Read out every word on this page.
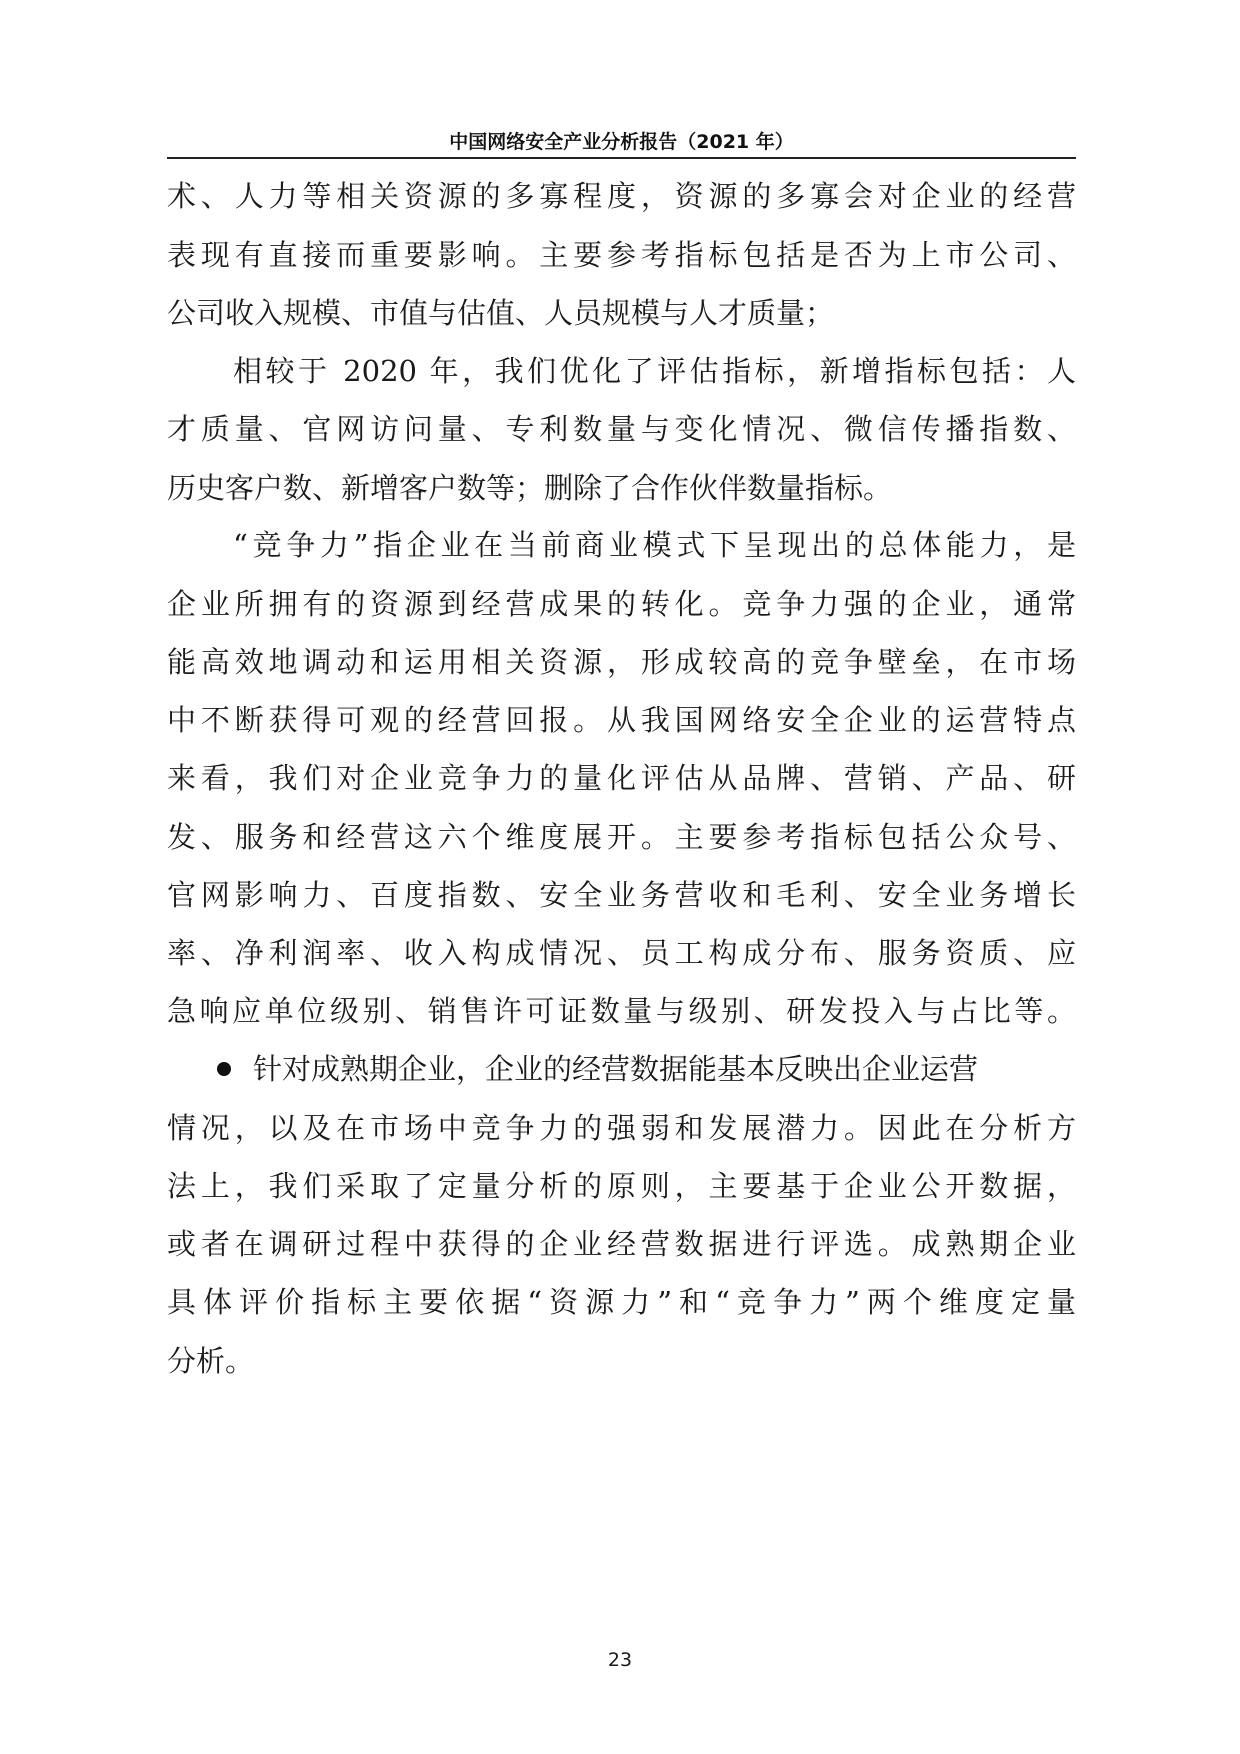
中国网络安全产业分析报告（2021 年）
术、人力等相关资源的多寡程度，资源的多寡会对企业的经营
表现有直接而重要影响。主要参考指标包括是否为上市公司、
公司收入规模、市值与估值、人员规模与人才质量；
相较于 2020 年，我们优化了评估指标，新增指标包括：人
才质量、官网访问量、专利数量与变化情况、微信传播指数、
历史客户数、新增客户数等；删除了合作伙伴数量指标。
“竞争力”指企业在当前商业模式下呈现出的总体能力，是
企业所拥有的资源到经营成果的转化。竞争力强的企业，通常
能高效地调动和运用相关资源，形成较高的竞争壁垒，在市场
中不断获得可观的经营回报。从我国网络安全企业的运营特点
来看，我们对企业竞争力的量化评估从品牌、营销、产品、研
发、服务和经营这六个维度展开。主要参考指标包括公众号、
官网影响力、百度指数、安全业务营收和毛利、安全业务增长
率、净利润率、收入构成情况、员工构成分布、服务资质、应
急响应单位级别、销售许可证数量与级别、研发投入与占比等。
针对成熟期企业，企业的经营数据能基本反映出企业运营
情况，以及在市场中竞争力的强弱和发展潜力。因此在分析方
法上，我们采取了定量分析的原则，主要基于企业公开数据，
或者在调研过程中获得的企业经营数据进行评选。成熟期企业
具体评价指标主要依据“资源力”和“竞争力”两个维度定量
分析。
23
